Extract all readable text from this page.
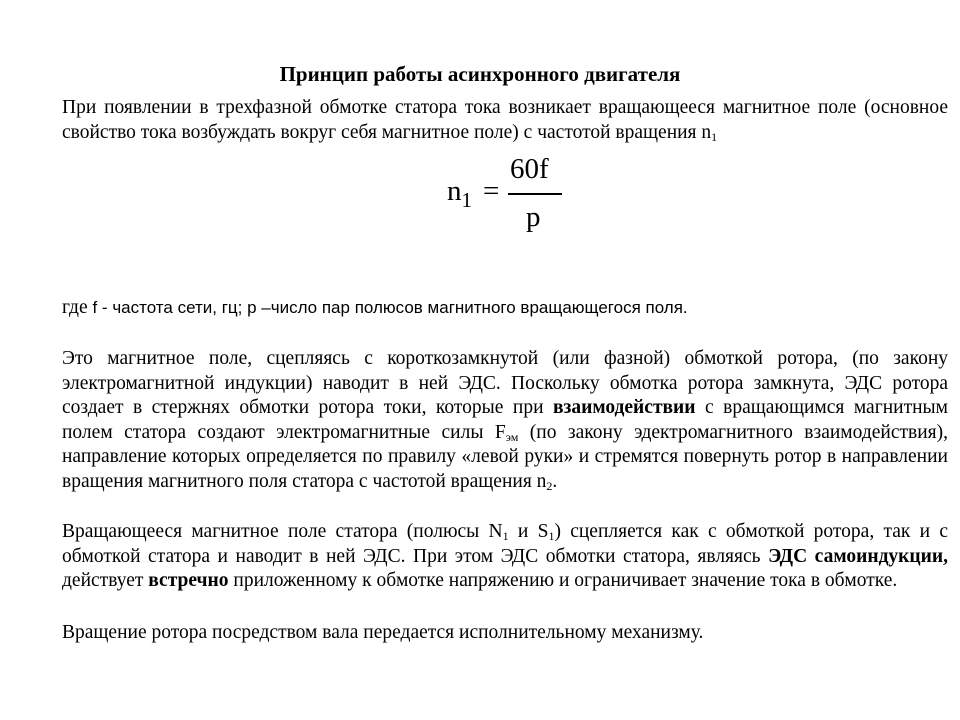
Принцип работы асинхронного двигателя
При появлении в трехфазной обмотке статора тока возникает вращающееся магнитное поле (основное свойство тока возбуждать вокруг себя магнитное поле) с частотой вращения $n_1$
$n_1$ =
60f
p
где f - частота сети, гц; p –число пар полюсов магнитного вращающегося поля.
Это магнитное поле, сцепляясь с короткозамкнутой (или фазной) обмоткой ротора, (по закону электромагнитной индукции) наводит в ней ЭДС. Поскольку обмотка ротора замкнута, ЭДС ротора создает в стержнях обмотки ротора токи, которые при взаимодействии с вращающимся магнитным полем статора создают электромагнитные силы $F_{эм}$ (по закону эдектромагнитного взаимодействия), направление которых определяется по правилу «левой руки» и стремятся повернуть ротор в направлении вращения магнитного поля статора с частотой вращения $n_2$.
Вращающееся магнитное поле статора (полюсы $N_1$ и $S_1$) сцепляется как с обмоткой ротора, так и с обмоткой статора и наводит в ней ЭДС. При этом ЭДС обмотки статора, являясь ЭДС самоиндукции, действует встречно приложенному к обмотке напряжению и ограничивает значение тока в обмотке.
Вращение ротора посредством вала передается исполнительному механизму.
